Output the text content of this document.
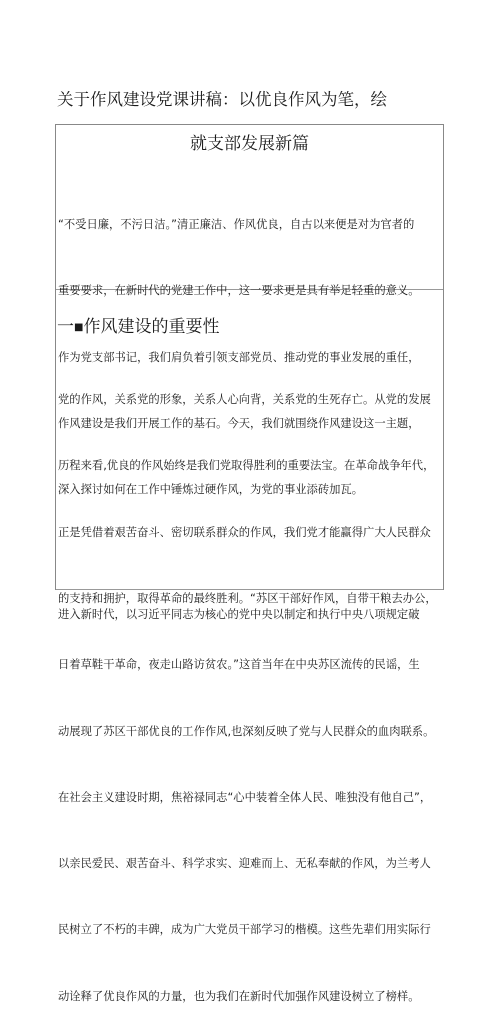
关于作风建设党课讲稿：以优良作风为笔，绘
就支部发展新篇

“不受日廉，不污日洁。”清正廉洁、作风优良，自古以来便是对为官者的

重要要求，在新时代的党建工作中，这一要求更是具有举足轻重的意义。

作为党支部书记，我们肩负着引领支部党员、推动党的事业发展的重任，

作风建设是我们开展工作的基石。今天，我们就围绕作风建设这一主题，

深入探讨如何在工作中锤炼过硬作风，为党的事业添砖加瓦。

一■作风建设的重要性

党的作风，关系党的形象，关系人心向背，关系党的生死存亡。从党的发展

历程来看,优良的作风始终是我们党取得胜利的重要法宝。在革命战争年代，

正是凭借着艰苦奋斗、密切联系群众的作风，我们党才能赢得广大人民群众

的支持和拥护，取得革命的最终胜利。“苏区干部好作风，自带干粮去办公，

日着草鞋干革命，夜走山路访贫农。”这首当年在中央苏区流传的民谣，生

动展现了苏区干部优良的工作作风,也深刻反映了党与人民群众的血肉联系。

在社会主义建设时期，焦裕禄同志“心中装着全体人民、唯独没有他自己”，

以亲民爱民、艰苦奋斗、科学求实、迎难而上、无私奉献的作风，为兰考人

民树立了不朽的丰碑，成为广大党员干部学习的楷模。这些先辈们用实际行

动诠释了优良作风的力量，也为我们在新时代加强作风建设树立了榜样。

进入新时代，以习近平同志为核心的党中央以制定和执行中央八项规定破
